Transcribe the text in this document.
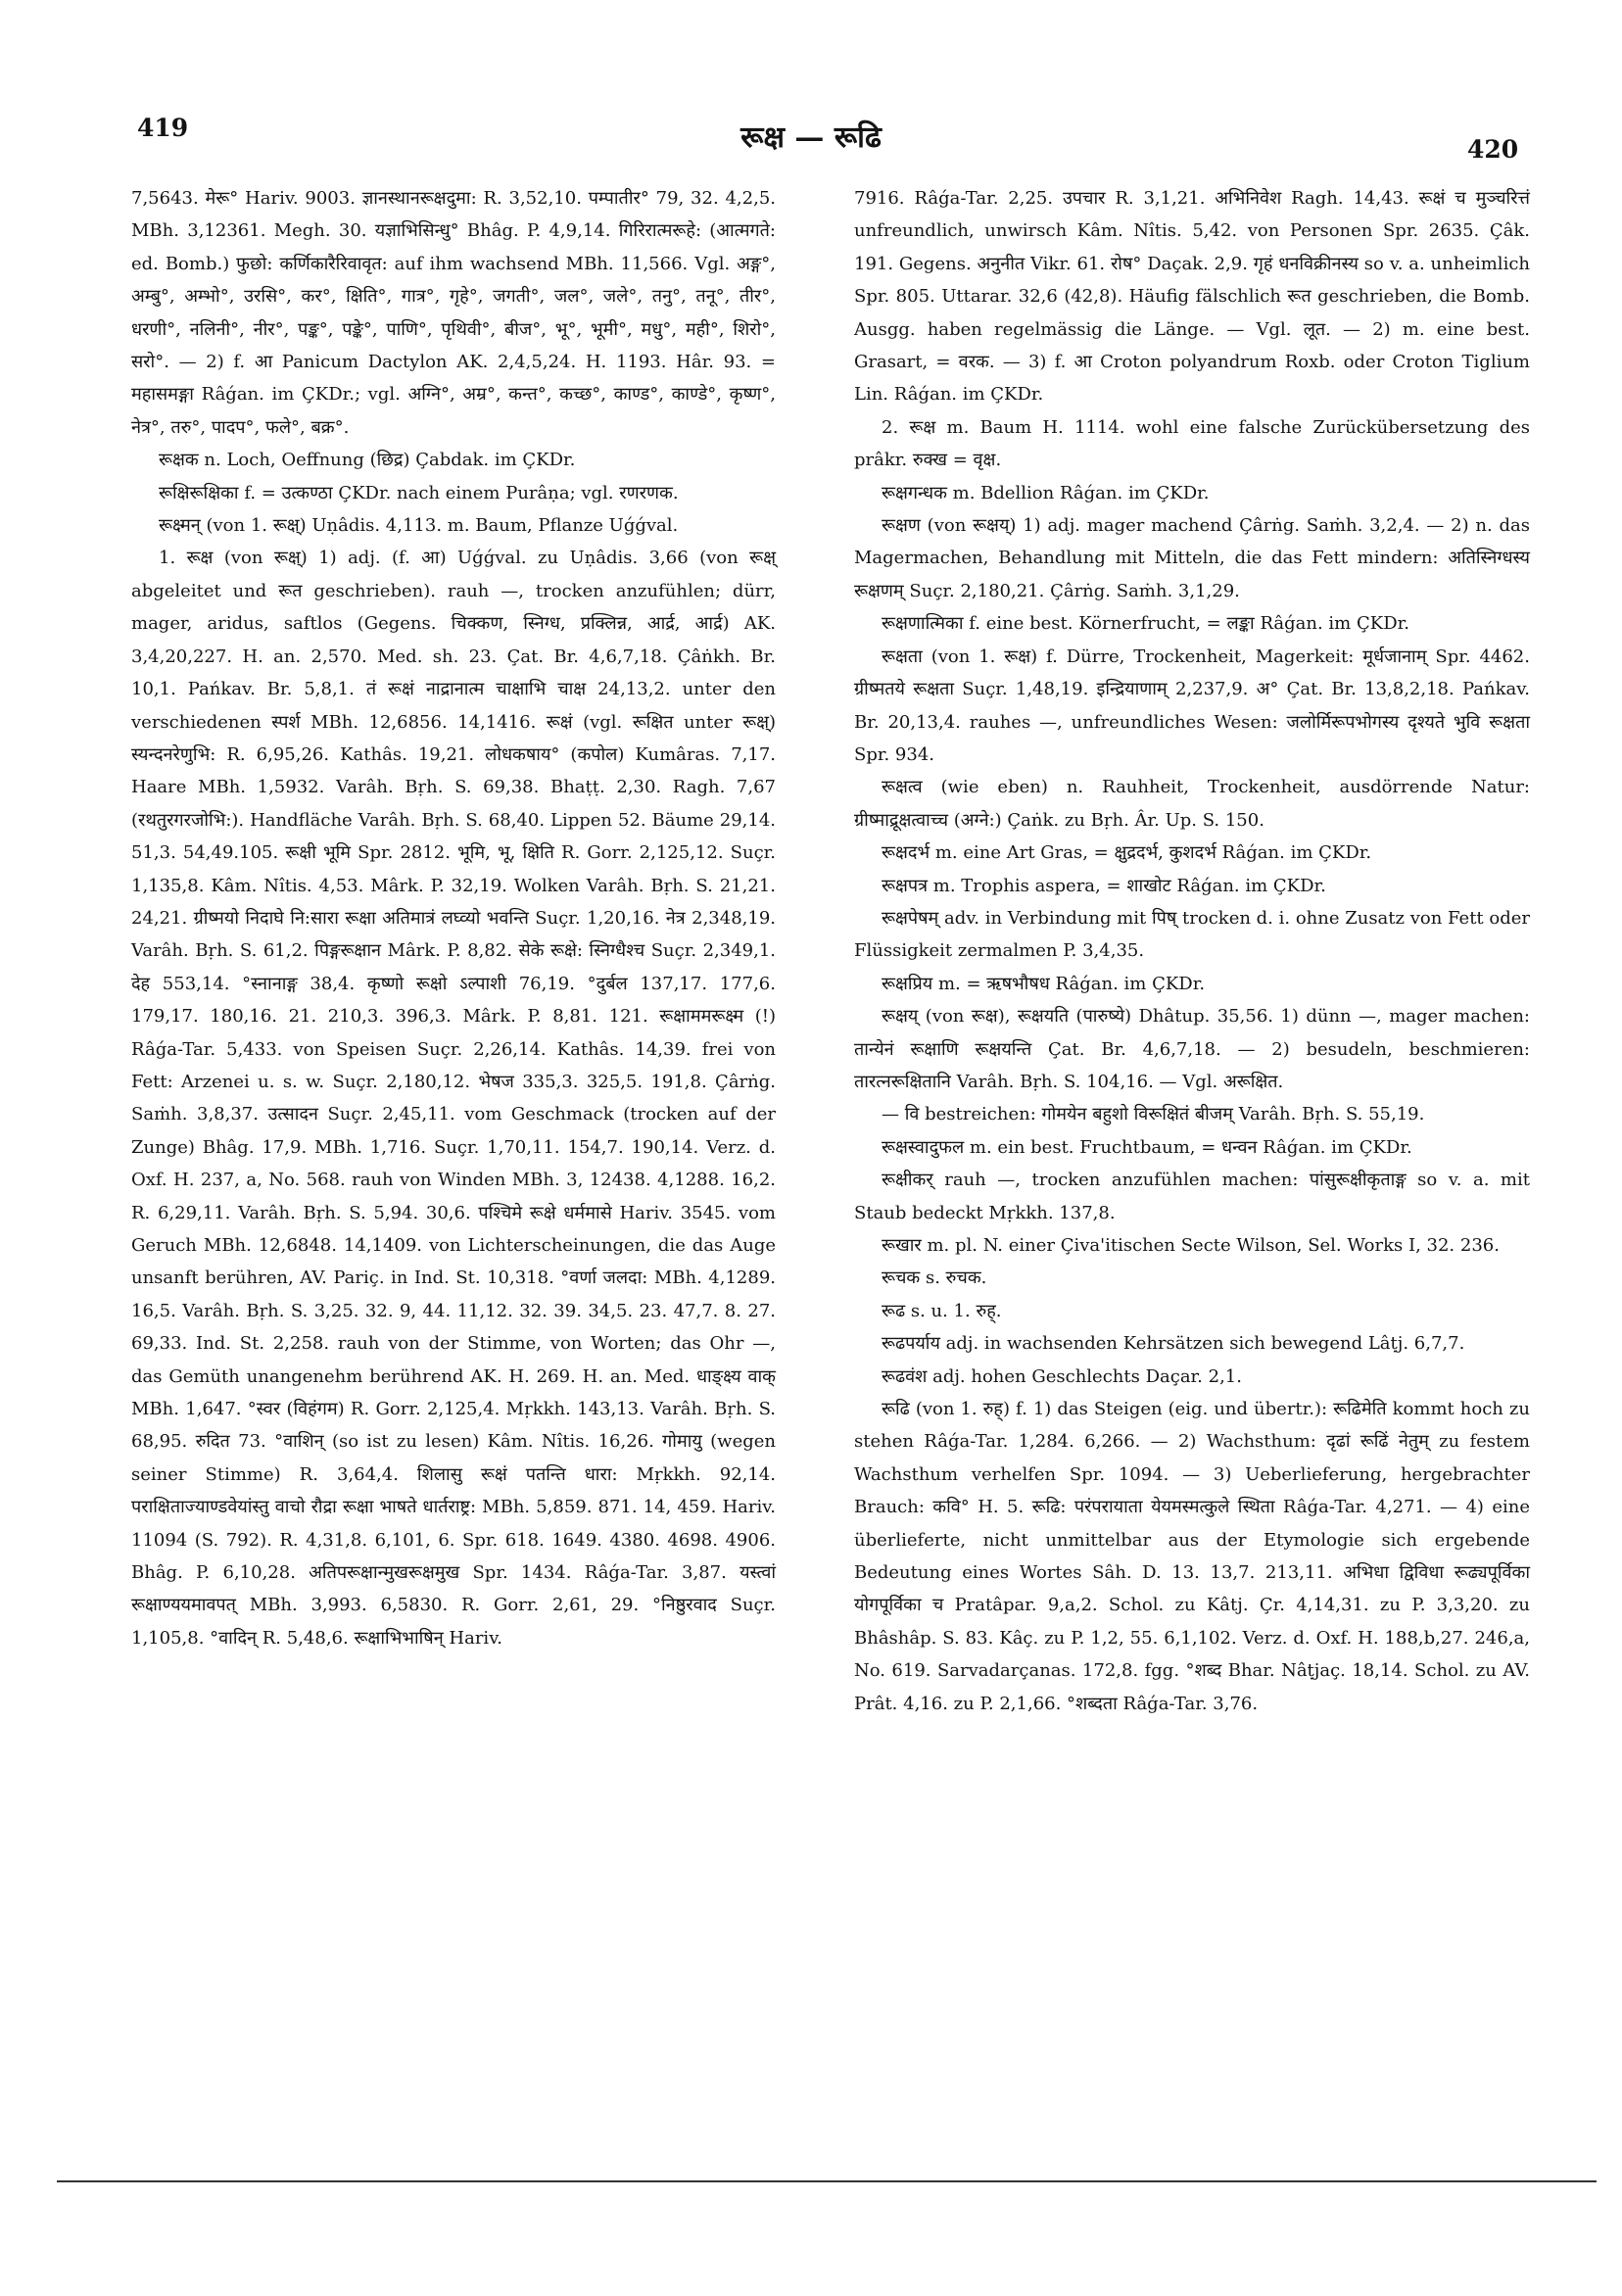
419	रूक्ष — रूढि	420

7,5643. मेरू° Hariv. 9003. ज्ञानस्थानरूक्षदुमा: R. 3,52,10. पम्पातीर° 79, 32. 4,2,5. MBh. 3,12361. Megh. 30. यज्ञाभिसिन्धु° Bhâg. P. 4,9,14. गिरिरात्मरूहे: (आत्मगते: ed. Bomb.) फुछो: कर्णिकारैरिवावृत: auf ihm wachsend MBh. 11,566. Vgl. अङ्ग°, अम्बु°, अम्भो°, उरसि°, कर°, क्षिति°, गात्र°, गृहे°, जगती°, जल°, जले°, तनु°, तनू°, तीर°, धरणी°, नलिनी°, नीर°, पङ्क°, पङ्के°, पाणि°, पृथिवी°, बीज°, भू°, भूमी°, मधु°, मही°, शिरो°, सरो°. — 2) f. आ Panicum Dactylon AK. 2,4,5,24. H. 1193. Hâr. 93. = महासमङ्गा Râǵan. im ÇKDr.; vgl. अग्नि°, अम्र°, कन्त°, कच्छ°, काण्ड°, काण्डे°, कृष्ण°, नेत्र°, तरु°, पादप°, फले°, बक्र°.

रूक्षक n. Loch, Oeffnung (छिद्र) Çabdak. im ÇKDr.

रूक्षिरूक्षिका f. = उत्कण्ठा ÇKDr. nach einem Purâṇa; vgl. रणरणक.

रूक्ष्मन् (von 1. रूक्ष्) Uṇâdis. 4,113. m. Baum, Pflanze Uǵǵval.

1. रूक्ष (von रूक्ष्) 1) adj. (f. आ) Uǵǵval. zu Uṇâdis. 3,66 (von रूक्ष् abgeleitet und रूत geschrieben). rauh —, trocken anzufühlen; dürr, mager, aridus, saftlos (Gegens. चिक्कण, स्निग्ध, प्रक्लिन्न, आर्द्र, आर्द्र) AK. 3,4,20,227. H. an. 2,570. Med. sh. 23. Çat. Br. 4,6,7,18. Çâṅkh. Br. 10,1. Pańkav. Br. 5,8,1. तं रूक्षं नाद्रानात्म चाक्षाभि चाक्ष 24,13,2. unter den verschiedenen स्पर्श MBh. 12,6856. 14,1416. रूक्षं (vgl. रूक्षित unter रूक्ष्) स्यन्दनरेणुभि: R. 6,95,26. Kathâs. 19,21. लोधकषाय° (कपोल) Kumâras. 7,17. Haare MBh. 1,5932. Varâh. Bṛh. S. 69,38. Bhaṭṭ. 2,30. Ragh. 7,67 (रथतुरगरजोभि:). Handfläche Varâh. Bṛh. S. 68,40. Lippen 52. Bäume 29,14. 51,3. 54,49.105. रूक्षी भूमि Spr. 2812. भूमि, भू, क्षिति R. Gorr. 2,125,12. Suçr. 1,135,8. Kâm. Nîtis. 4,53. Mârk. P. 32,19. Wolken Varâh. Bṛh. S. 21,21. 24,21. ग्रीष्मयो निदाघे नि:सारा रूक्षा अतिमात्रं लघ्व्यो भवन्ति Suçr. 1,20,16. नेत्र 2,348,19. Varâh. Bṛh. S. 61,2. पिङ्गरूक्षान Mârk. P. 8,82. सेके रूक्षे: स्निग्धैश्च Suçr. 2,349,1. देह 553,14. °स्नानाङ्ग 38,4. कृष्णो रूक्षो ऽल्पाशी 76,19. °दुर्बल 137,17. 177,6. 179,17. 180,16. 21. 210,3. 396,3. Mârk. P. 8,81. 121. रूक्षाममरूक्ष्म (!) Râǵa-Tar. 5,433. von Speisen Suçr. 2,26,14. Kathâs. 14,39. frei von Fett: Arzenei u. s. w. Suçr. 2,180,12. भेषज 335,3. 325,5. 191,8. Çârṅg. Saṁh. 3,8,37. उत्सादन Suçr. 2,45,11. vom Geschmack (trocken auf der Zunge) Bhâg. 17,9. MBh. 1,716. Suçr. 1,70,11. 154,7. 190,14. Verz. d. Oxf. H. 237, a, No. 568. rauh von Winden MBh. 3, 12438. 4,1288. 16,2. R. 6,29,11. Varâh. Bṛh. S. 5,94. 30,6. पश्चिमे रूक्षे धर्ममासे Hariv. 3545. vom Geruch MBh. 12,6848. 14,1409. von Lichterscheinungen, die das Auge unsanft berühren, AV. Pariç. in Ind. St. 10,318. °वर्णा जलदा: MBh. 4,1289. 16,5. Varâh. Bṛh. S. 3,25. 32. 9, 44. 11,12. 32. 39. 34,5. 23. 47,7. 8. 27. 69,33. Ind. St. 2,258. rauh von der Stimme, von Worten; das Ohr —, das Gemüth unangenehm berührend AK. H. 269. H. an. Med. धाङ्क्ष्य वाक् MBh. 1,647. °स्वर (विहंगम) R. Gorr. 2,125,4. Mṛkkh. 143,13. Varâh. Bṛh. S. 68,95. रुदित 73. °वाशिन् (so ist zu lesen) Kâm. Nîtis. 16,26. गोमायु (wegen seiner Stimme) R. 3,64,4. शिलासु रूक्षं पतन्ति धारा: Mṛkkh. 92,14. पराक्षिताज्याण्डवेयांस्तु वाचो रौद्रा रूक्षा भाषते धार्तराष्ट्र: MBh. 5,859. 871. 14, 459. Hariv. 11094 (S. 792). R. 4,31,8. 6,101, 6. Spr. 618. 1649. 4380. 4698. 4906. Bhâg. P. 6,10,28. अतिपरूक्षान्मुखरूक्षमुख Spr. 1434. Râǵa-Tar. 3,87. यस्त्वां रूक्षाण्ययमावपत् MBh. 3,993. 6,5830. R. Gorr. 2,61, 29. °निष्ठुरवाद Suçr. 1,105,8. °वादिन् R. 5,48,6. रूक्षाभिभाषिन् Hariv.

7916. Râǵa-Tar. 2,25. उपचार R. 3,1,21. अभिनिवेश Ragh. 14,43. रूक्षं च मुञ्चरित्तं unfreundlich, unwirsch Kâm. Nîtis. 5,42. von Personen Spr. 2635. Çâk. 191. Gegens. अनुनीत Vikr. 61. रोष° Daçak. 2,9. गृहं धनविक्रीनस्य so v. a. unheimlich Spr. 805. Uttarar. 32,6 (42,8). Häufig fälschlich रूत geschrieben, die Bomb. Ausgg. haben regelmässig die Länge. — Vgl. लूत. — 2) m. eine best. Grasart, = वरक. — 3) f. आ Croton polyandrum Roxb. oder Croton Tiglium Lin. Râǵan. im ÇKDr.

2. रूक्ष m. Baum H. 1114. wohl eine falsche Zurückübersetzung des prâkr. रुक्ख = वृक्ष.

रूक्षगन्धक m. Bdellion Râǵan. im ÇKDr.

रूक्षण (von रूक्षय्) 1) adj. mager machend Çârṅg. Saṁh. 3,2,4. — 2) n. das Magermachen, Behandlung mit Mitteln, die das Fett mindern: अतिस्निग्धस्य रूक्षणम् Suçr. 2,180,21. Çârṅg. Saṁh. 3,1,29.

रूक्षणात्मिका f. eine best. Körnerfrucht, = लङ्का Râǵan. im ÇKDr.

रूक्षता (von 1. रूक्ष) f. Dürre, Trockenheit, Magerkeit: मूर्धजानाम् Spr. 4462. ग्रीष्मतये रूक्षता Suçr. 1,48,19. इन्द्रियाणाम् 2,237,9. अ° Çat. Br. 13,8,2,18. Pańkav. Br. 20,13,4. rauhes —, unfreundliches Wesen: जलोर्मिरूपभोगस्य दृश्यते भुवि रूक्षता Spr. 934.

रूक्षत्व (wie eben) n. Rauhheit, Trockenheit, ausdörrende Natur: ग्रीष्माद्रूक्षत्वाच्च (अग्ने:) Çaṅk. zu Bṛh. Âr. Up. S. 150.

रूक्षदर्भ m. eine Art Gras, = क्षुद्रदर्भ, कुशदर्भ Râǵan. im ÇKDr.

रूक्षपत्र m. Trophis aspera, = शाखोट Râǵan. im ÇKDr.

रूक्षपेषम् adv. in Verbindung mit पिष् trocken d. i. ohne Zusatz von Fett oder Flüssigkeit zermalmen P. 3,4,35.

रूक्षप्रिय m. = ऋषभौषध Râǵan. im ÇKDr.

रूक्षय् (von रूक्ष), रूक्षयति (पारुष्ये) Dhâtup. 35,56. 1) dünn —, mager machen: तान्येनं रूक्षाणि रूक्षयन्ति Çat. Br. 4,6,7,18. — 2) besudeln, beschmieren: तारत्नरूक्षितानि Varâh. Bṛh. S. 104,16. — Vgl. अरूक्षित.

— वि bestreichen: गोमयेन बहुशो विरूक्षितं बीजम् Varâh. Bṛh. S. 55,19.

रूक्षस्वादुफल m. ein best. Fruchtbaum, = धन्वन Râǵan. im ÇKDr.

रूक्षीकर् rauh —, trocken anzufühlen machen: पांसुरूक्षीकृताङ्ग so v. a. mit Staub bedeckt Mṛkkh. 137,8.

रूखार m. pl. N. einer Çiva'itischen Secte Wilson, Sel. Works I, 32. 236.

रूचक s. रुचक.

रूढ s. u. 1. रुह्.

रूढपर्याय adj. in wachsenden Kehrsätzen sich bewegend Lâṭj. 6,7,7.

रूढवंश adj. hohen Geschlechts Daçar. 2,1.

रूढि (von 1. रुह्) f. 1) das Steigen (eig. und übertr.): रूढिमेति kommt hoch zu stehen Râǵa-Tar. 1,284. 6,266. — 2) Wachsthum: दृढां रूढिं नेतुम् zu festem Wachsthum verhelfen Spr. 1094. — 3) Ueberlieferung, hergebrachter Brauch: कवि° H. 5. रूढि: परंपरायाता येयमस्मत्कुले स्थिता Râǵa-Tar. 4,271. — 4) eine überlieferte, nicht unmittelbar aus der Etymologie sich ergebende Bedeutung eines Wortes Sâh. D. 13. 13,7. 213,11. अभिधा द्विविधा रूढ्यपूर्विका योगपूर्विका च Pratâpar. 9,a,2. Schol. zu Kâtj. Çr. 4,14,31. zu P. 3,3,20. zu Bhâshâp. S. 83. Kâç. zu P. 1,2, 55. 6,1,102. Verz. d. Oxf. H. 188,b,27. 246,a, No. 619. Sarvadarçanas. 172,8. fgg. °शब्द Bhar. Nâṭjaç. 18,14. Schol. zu AV. Prât. 4,16. zu P. 2,1,66. °शब्दता Râǵa-Tar. 3,76.
